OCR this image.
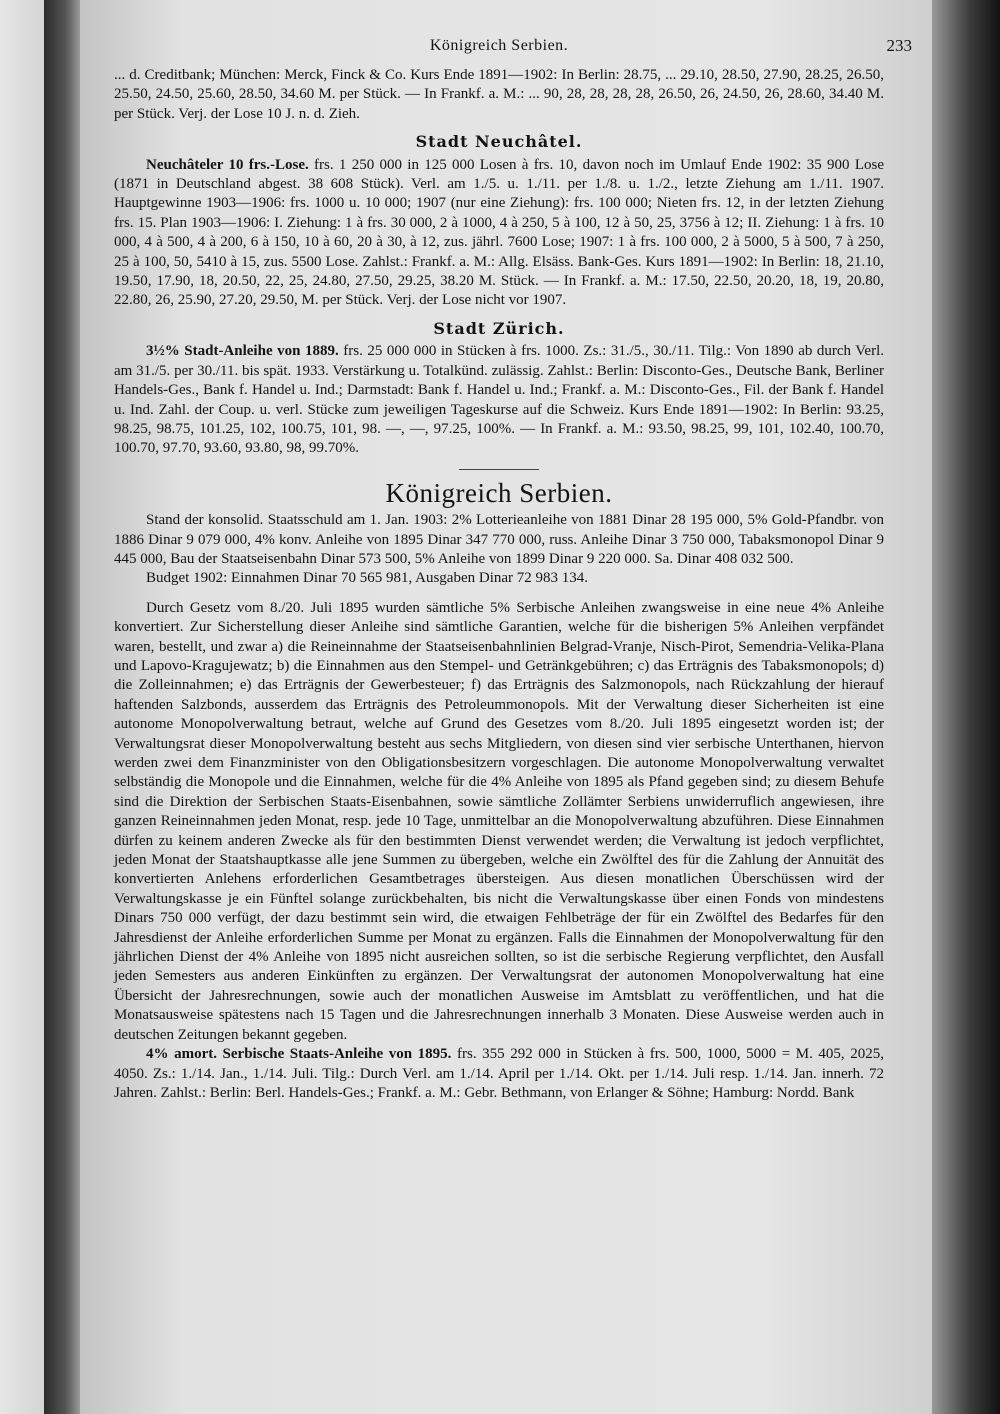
Königreich Serbien.	233

... d. Creditbank; München: Merck, Finck & Co. Kurs Ende 1891—1902: In Berlin: 28.75, ... 29.10, 28.50, 27.90, 28.25, 26.50, 25.50, 24.50, 25.60, 28.50, 34.60 M. per Stück. — In Frankf. a. M.: ... 90, 28, 28, 28, 28, 26.50, 26, 24.50, 26, 28.60, 34.40 M. per Stück. Verj. der Lose 10 J. n. d. Zieh.

Stadt Neuchâtel.

Neuchâteler 10 frs.-Lose. frs. 1 250 000 in 125 000 Losen à frs. 10, davon noch im Umlauf Ende 1902: 35 900 Lose (1871 in Deutschland abgest. 38 608 Stück). Verl. am 1./5. u. 1./11. per 1./8. u. 1./2., letzte Ziehung am 1./11. 1907. Hauptgewinne 1903—1906: frs. 1000 u. 10 000; 1907 (nur eine Ziehung): frs. 100 000; Nieten frs. 12, in der letzten Ziehung frs. 15. Plan 1903—1906: I. Ziehung: 1 à frs. 30 000, 2 à 1000, 4 à 250, 5 à 100, 12 à 50, 25, 3756 à 12; II. Ziehung: 1 à frs. 10 000, 4 à 500, 4 à 200, 6 à 150, 10 à 60, 20 à 30, à 12, zus. jährl. 7600 Lose; 1907: 1 à frs. 100 000, 2 à 5000, 5 à 500, 7 à 250, 25 à 100, 50, 5410 à 15, zus. 5500 Lose. Zahlst.: Frankf. a. M.: Allg. Elsäss. Bank-Ges. Kurs 1891—1902: In Berlin: 18, 21.10, 19.50, 17.90, 18, 20.50, 22, 25, 24.80, 27.50, 29.25, 38.20 M. Stück. — In Frankf. a. M.: 17.50, 22.50, 20.20, 18, 19, 20.80, 22.80, 26, 25.90, 27.20, 29.50, M. per Stück. Verj. der Lose nicht vor 1907.

Stadt Zürich.

3½% Stadt-Anleihe von 1889. frs. 25 000 000 in Stücken à frs. 1000. Zs.: 31./5., 30./11. Tilg.: Von 1890 ab durch Verl. am 31./5. per 30./11. bis spät. 1933. Verstärkung u. Totalkünd. zulässig. Zahlst.: Berlin: Disconto-Ges., Deutsche Bank, Berliner Handels-Ges., Bank f. Handel u. Ind.; Darmstadt: Bank f. Handel u. Ind.; Frankf. a. M.: Disconto-Ges., Fil. der Bank f. Handel u. Ind. Zahl. der Coup. u. verl. Stücke zum jeweiligen Tageskurse auf die Schweiz. Kurs Ende 1891—1902: In Berlin: 93.25, 98.25, 98.75, 101.25, 102, 100.75, 101, 98. —, —, 97.25, 100%. — In Frankf. a. M.: 93.50, 98.25, 99, 101, 102.40, 100.70, 100.70, 97.70, 93.60, 93.80, 98, 99.70%.

Königreich Serbien.

Stand der konsolid. Staatsschuld am 1. Jan. 1903: 2% Lotterieanleihe von 1881 Dinar 28 195 000, 5% Gold-Pfandbr. von 1886 Dinar 9 079 000, 4% konv. Anleihe von 1895 Dinar 347 770 000, russ. Anleihe Dinar 3 750 000, Tabaksmonopol Dinar 9 445 000, Bau der Staatseisenbahn Dinar 573 500, 5% Anleihe von 1899 Dinar 9 220 000. Sa. Dinar 408 032 500.

Budget 1902: Einnahmen Dinar 70 565 981, Ausgaben Dinar 72 983 134.

Durch Gesetz vom 8./20. Juli 1895 wurden sämtliche 5% Serbische Anleihen zwangsweise in eine neue 4% Anleihe konvertiert. Zur Sicherstellung dieser Anleihe sind sämtliche Garantien, welche für die bisherigen 5% Anleihen verpfändet waren, bestellt, und zwar a) die Reineinnahme der Staatseisenbahnlinien Belgrad-Vranje, Nisch-Pirot, Semendria-Velika-Plana und Lapovo-Kragujewatz; b) die Einnahmen aus den Stempel- und Getränkgebühren; c) das Erträgnis des Tabaksmonopols; d) die Zolleinnahmen; e) das Erträgnis der Gewerbesteuer; f) das Erträgnis des Salzmonopols, nach Rückzahlung der hierauf haftenden Salzbonds, ausserdem das Erträgnis des Petroleummonopols. Mit der Verwaltung dieser Sicherheiten ist eine autonome Monopolverwaltung betraut, welche auf Grund des Gesetzes vom 8./20. Juli 1895 eingesetzt worden ist; der Verwaltungsrat dieser Monopolverwaltung besteht aus sechs Mitgliedern, von diesen sind vier serbische Unterthanen, hiervon werden zwei dem Finanzminister von den Obligationsbesitzern vorgeschlagen. Die autonome Monopolverwaltung verwaltet selbständig die Monopole und die Einnahmen, welche für die 4% Anleihe von 1895 als Pfand gegeben sind; zu diesem Behufe sind die Direktion der Serbischen Staats-Eisenbahnen, sowie sämtliche Zollämter Serbiens unwiderruflich angewiesen, ihre ganzen Reineinnahmen jeden Monat, resp. jede 10 Tage, unmittelbar an die Monopolverwaltung abzuführen. Diese Einnahmen dürfen zu keinem anderen Zwecke als für den bestimmten Dienst verwendet werden; die Verwaltung ist jedoch verpflichtet, jeden Monat der Staatshauptkasse alle jene Summen zu übergeben, welche ein Zwölftel des für die Zahlung der Annuität des konvertierten Anlehens erforderlichen Gesamtbetrages übersteigen. Aus diesen monatlichen Überschüssen wird der Verwaltungskasse je ein Fünftel solange zurückbehalten, bis nicht die Verwaltungskasse über einen Fonds von mindestens Dinars 750 000 verfügt, der dazu bestimmt sein wird, die etwaigen Fehlbeträge der für ein Zwölftel des Bedarfes für den Jahresdienst der Anleihe erforderlichen Summe per Monat zu ergänzen. Falls die Einnahmen der Monopolverwaltung für den jährlichen Dienst der 4% Anleihe von 1895 nicht ausreichen sollten, so ist die serbische Regierung verpflichtet, den Ausfall jeden Semesters aus anderen Einkünften zu ergänzen. Der Verwaltungsrat der autonomen Monopolverwaltung hat eine Übersicht der Jahresrechnungen, sowie auch der monatlichen Ausweise im Amtsblatt zu veröffentlichen, und hat die Monatsausweise spätestens nach 15 Tagen und die Jahresrechnungen innerhalb 3 Monaten. Diese Ausweise werden auch in deutschen Zeitungen bekannt gegeben.

4% amort. Serbische Staats-Anleihe von 1895. frs. 355 292 000 in Stücken à frs. 500, 1000, 5000 = M. 405, 2025, 4050. Zs.: 1./14. Jan., 1./14. Juli. Tilg.: Durch Verl. am 1./14. April per 1./14. Okt. per 1./14. Juli resp. 1./14. Jan. innerh. 72 Jahren. Zahlst.: Berlin: Berl. Handels-Ges.; Frankf. a. M.: Gebr. Bethmann, von Erlanger & Söhne; Hamburg: Nordd. Bank
